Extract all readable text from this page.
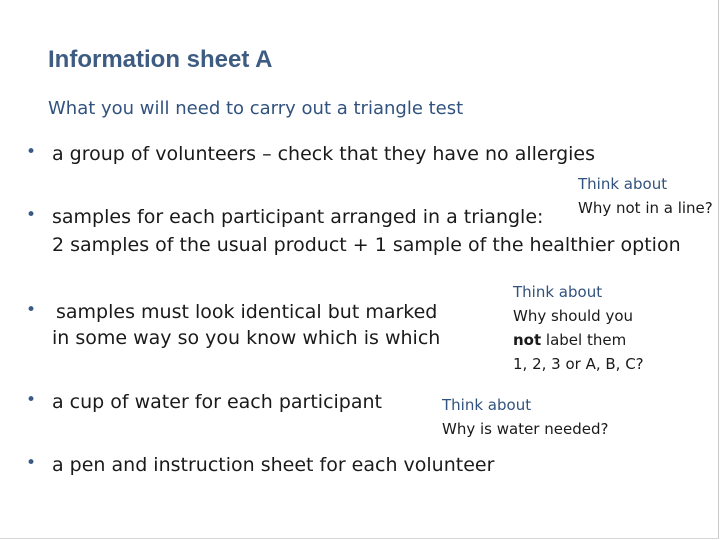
Information sheet A
What you will need to carry out a triangle test
• a group of volunteers – check that they have no allergies
Think about
Why not in a line?
• samples for each participant arranged in a triangle:
2 samples of the usual product + 1 sample of the healthier option
• samples must look identical but marked
in some way so you know which is which
Think about
Why should you
not label them
1, 2, 3 or A, B, C?
• a cup of water for each participant	Think about
Why is water needed?
• a pen and instruction sheet for each volunteer
